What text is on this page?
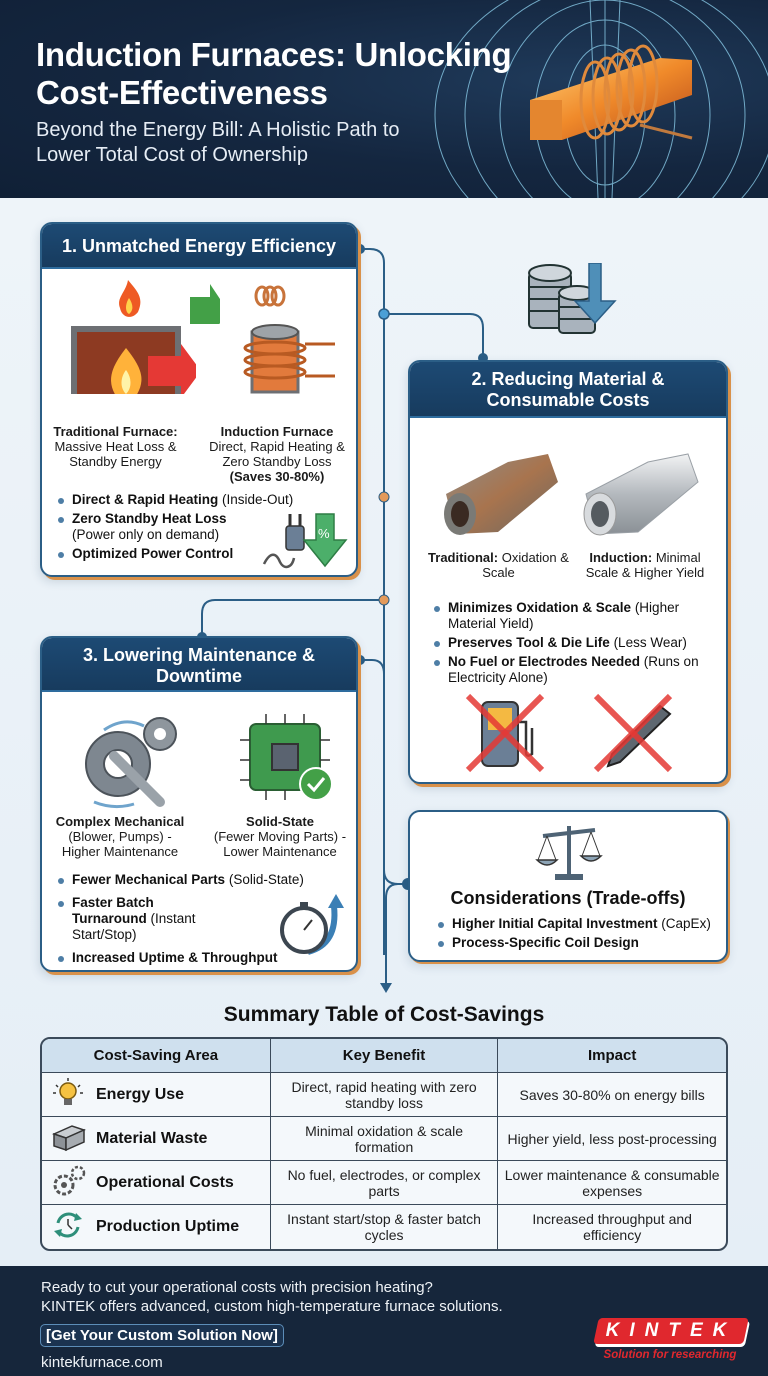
Induction Furnaces: Unlocking Cost-Effectiveness
Beyond the Energy Bill: A Holistic Path to Lower Total Cost of Ownership
1. Unmatched Energy Efficiency
Traditional Furnace:
Massive Heat Loss & Standby Energy
Induction Furnace
Direct, Rapid Heating & Zero Standby Loss
(Saves 30-80%)
Direct & Rapid Heating (Inside-Out)
Zero Standby Heat Loss (Power only on demand)
Optimized Power Control
%
2. Reducing Material & Consumable Costs
Traditional: Oxidation & Scale
Induction: Minimal Scale & Higher Yield
Minimizes Oxidation & Scale (Higher Material Yield)
Preserves Tool & Die Life (Less Wear)
No Fuel or Electrodes Needed (Runs on Electricity Alone)
3. Lowering Maintenance & Downtime
Complex Mechanical
(Blower, Pumps) - Higher Maintenance
Solid-State
(Fewer Moving Parts) - Lower Maintenance
Fewer Mechanical Parts (Solid-State)
Faster Batch Turnaround (Instant Start/Stop)
Increased Uptime & Throughput
Considerations (Trade-offs)
Higher Initial Capital Investment (CapEx)
Process-Specific Coil Design
Summary Table of Cost-Savings
Cost-Saving Area	Key Benefit	Impact
Energy Use	Direct, rapid heating with zero standby loss	Saves 30-80% on energy bills
Material Waste	Minimal oxidation & scale formation	Higher yield, less post-processing
Operational Costs	No fuel, electrodes, or complex parts	Lower maintenance & consumable expenses
Production Uptime	Instant start/stop & faster batch cycles	Increased throughput and efficiency
Ready to cut your operational costs with precision heating?
KINTEK offers advanced, custom high-temperature furnace solutions.
[Get Your Custom Solution Now]
kintekfurnace.com
KINTEK
Solution for researching
